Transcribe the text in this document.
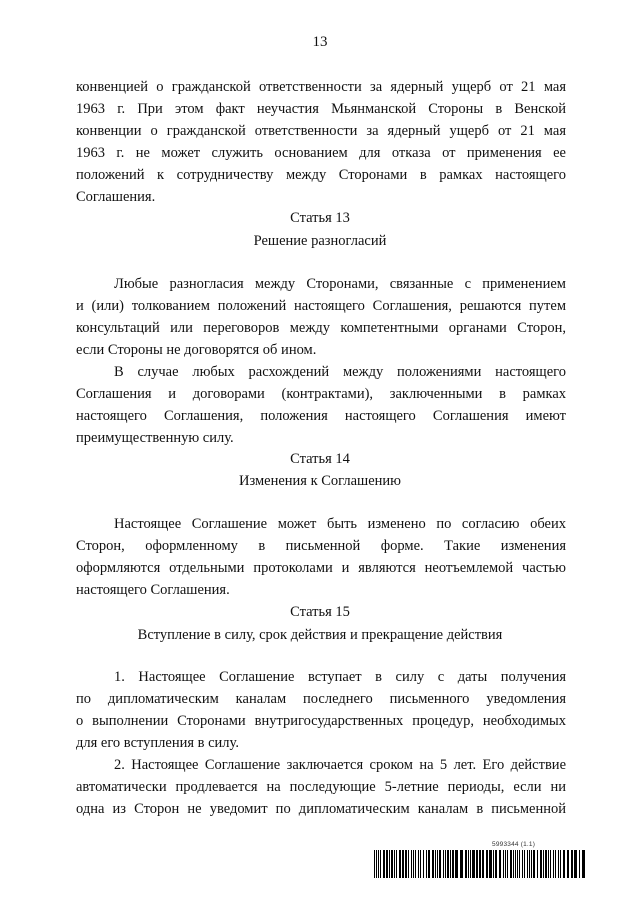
13
конвенцией о гражданской ответственности за ядерный ущерб от 21 мая
1963 г. При этом факт неучастия Мьянманской Стороны в Венской
конвенции о гражданской ответственности за ядерный ущерб от 21 мая
1963 г. не может служить основанием для отказа от применения ее
положений к сотрудничеству между Сторонами в рамках настоящего
Соглашения.
Статья 13
Решение разногласий
Любые разногласия между Сторонами, связанные с применением
и (или) толкованием положений настоящего Соглашения, решаются путем
консультаций или переговоров между компетентными органами Сторон,
если Стороны не договорятся об ином.
В случае любых расхождений между положениями настоящего
Соглашения и договорами (контрактами), заключенными в рамках
настоящего Соглашения, положения настоящего Соглашения имеют
преимущественную силу.
Статья 14
Изменения к Соглашению
Настоящее Соглашение может быть изменено по согласию обеих
Сторон, оформленному в письменной форме. Такие изменения
оформляются отдельными протоколами и являются неотъемлемой частью
настоящего Соглашения.
Статья 15
Вступление в силу, срок действия и прекращение действия
1. Настоящее Соглашение вступает в силу с даты получения
по дипломатическим каналам последнего письменного уведомления
о выполнении Сторонами внутригосударственных процедур, необходимых
для его вступления в силу.
2. Настоящее Соглашение заключается сроком на 5 лет. Его действие
автоматически продлевается на последующие 5-летние периоды, если ни
одна из Сторон не уведомит по дипломатическим каналам в письменной
5993344 (1.1)
